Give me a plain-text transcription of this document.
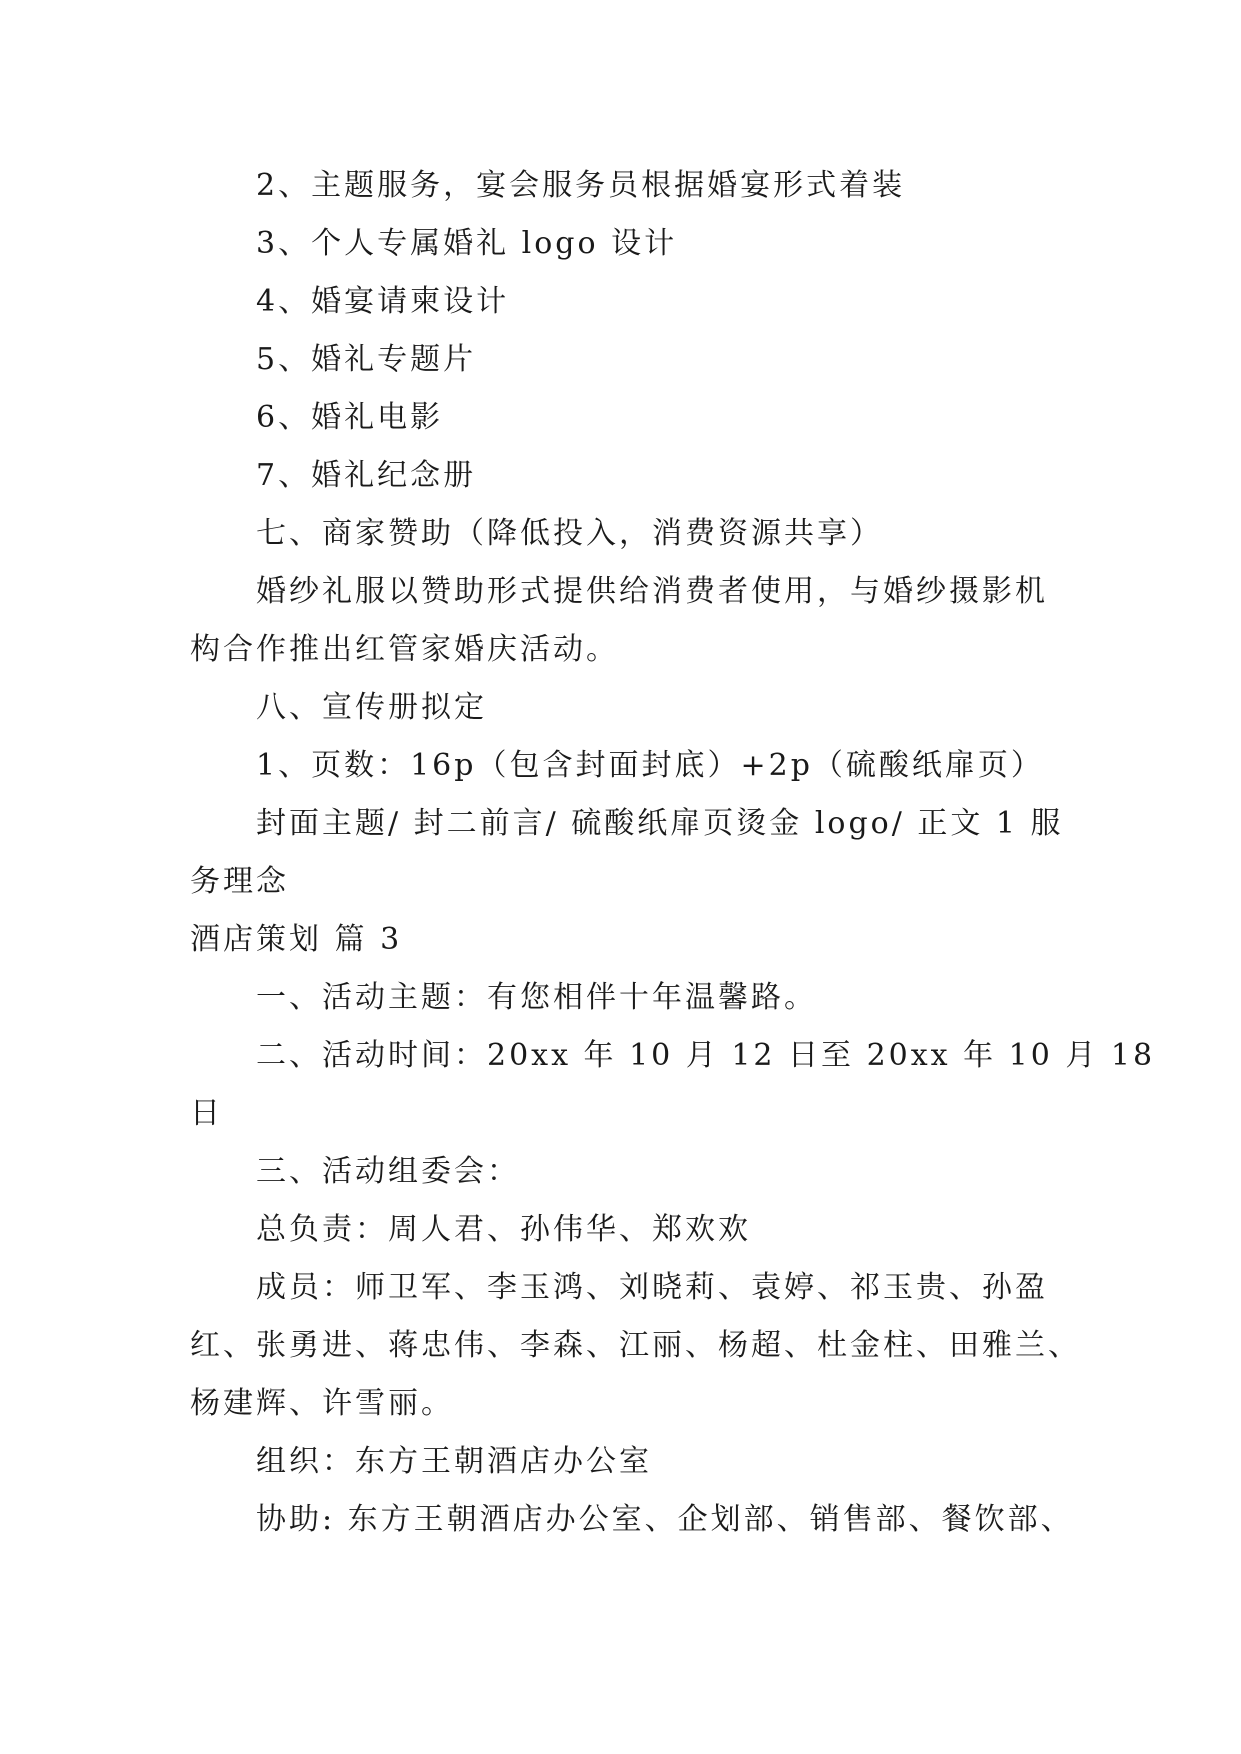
2、主题服务，宴会服务员根据婚宴形式着装
3、个人专属婚礼 logo 设计
4、婚宴请柬设计
5、婚礼专题片
6、婚礼电影
7、婚礼纪念册
七、商家赞助（降低投入，消费资源共享）
婚纱礼服以赞助形式提供给消费者使用，与婚纱摄影机
构合作推出红管家婚庆活动。
八、宣传册拟定
1、页数：16p（包含封面封底）+2p（硫酸纸扉页）
封面主题/ 封二前言/ 硫酸纸扉页烫金 logo/ 正文 1 服
务理念
酒店策划 篇 3
一、活动主题：有您相伴十年温馨路。
二、活动时间：20xx 年 10 月 12 日至 20xx 年 10 月 18
日
三、活动组委会：
总负责：周人君、孙伟华、郑欢欢
成员：师卫军、李玉鸿、刘晓莉、袁婷、祁玉贵、孙盈
红、张勇进、蒋忠伟、李森、江丽、杨超、杜金柱、田雅兰、
杨建辉、许雪丽。
组织：东方王朝酒店办公室
协助: 东方王朝酒店办公室、企划部、销售部、餐饮部、
